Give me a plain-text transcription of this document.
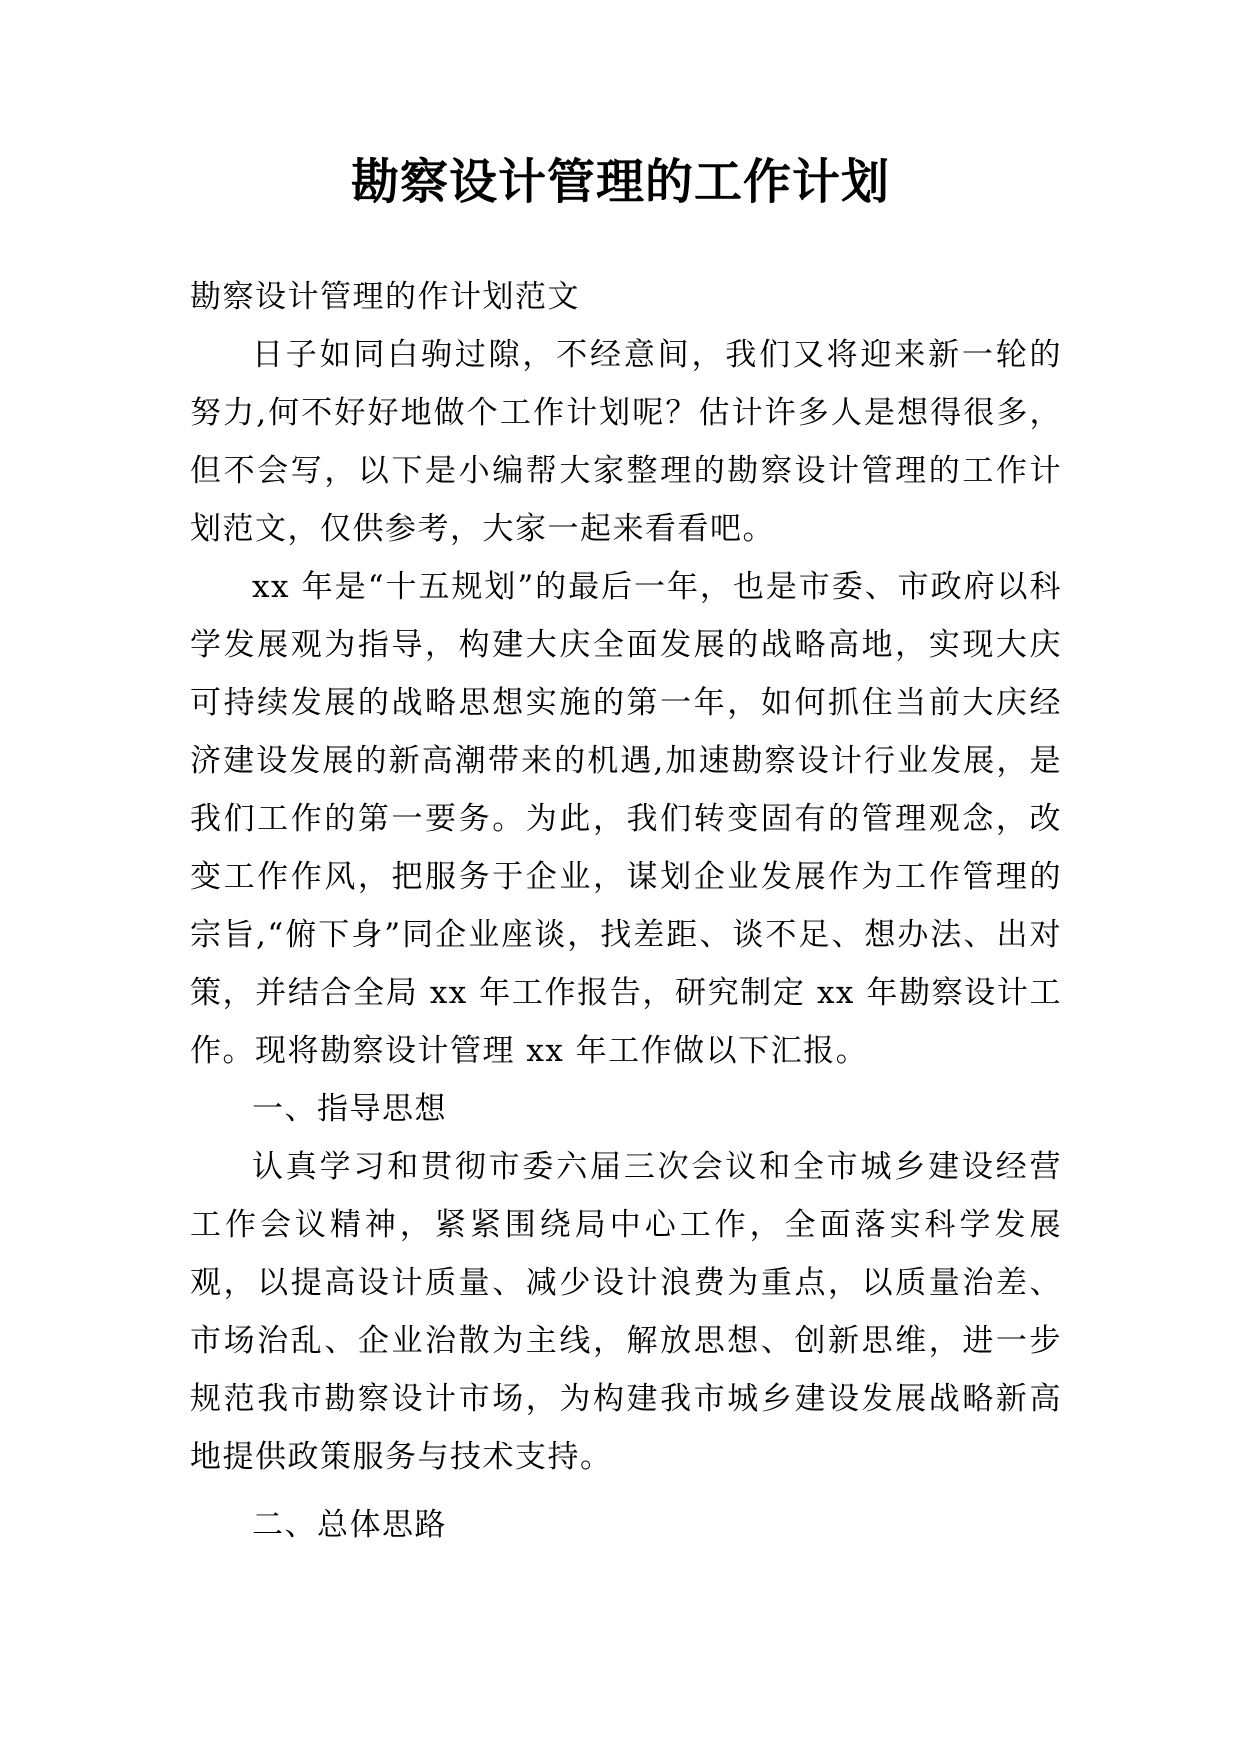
勘察设计管理的工作计划

勘察设计管理的作计划范文

日子如同白驹过隙，不经意间，我们又将迎来新一轮的努力,何不好好地做个工作计划呢？估计许多人是想得很多，但不会写，以下是小编帮大家整理的勘察设计管理的工作计划范文，仅供参考，大家一起来看看吧。

xx 年是“十五规划”的最后一年，也是市委、市政府以科学发展观为指导，构建大庆全面发展的战略高地，实现大庆可持续发展的战略思想实施的第一年，如何抓住当前大庆经济建设发展的新高潮带来的机遇,加速勘察设计行业发展，是我们工作的第一要务。为此，我们转变固有的管理观念，改变工作作风，把服务于企业，谋划企业发展作为工作管理的宗旨,“俯下身”同企业座谈，找差距、谈不足、想办法、出对策，并结合全局 xx 年工作报告，研究制定 xx 年勘察设计工作。现将勘察设计管理 xx 年工作做以下汇报。

一、指导思想

认真学习和贯彻市委六届三次会议和全市城乡建设经营工作会议精神，紧紧围绕局中心工作，全面落实科学发展观，以提高设计质量、减少设计浪费为重点，以质量治差、市场治乱、企业治散为主线，解放思想、创新思维，进一步规范我市勘察设计市场，为构建我市城乡建设发展战略新高地提供政策服务与技术支持。

二、总体思路
